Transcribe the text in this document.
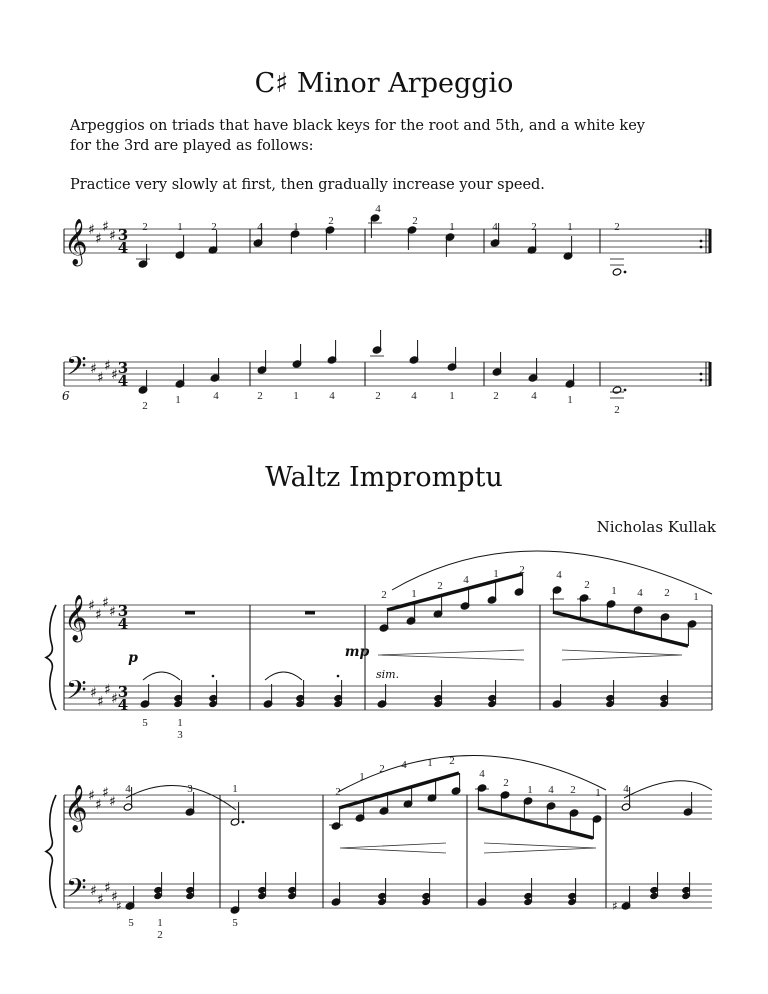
C♯ Minor Arpeggio
Arpeggios on triads that have black keys for the root and 5th, and a white key for the 3rd are played as follows:
Practice very slowly at first, then gradually increase your speed.
Waltz Impromptu
Nicholas Kullak
𝄞 ♯
♯
♯
♯ 3
4
2	1	2	4	1	2
4
2	1	4	2	1	2
𝄢 ♯
♯
♯
♯ 3
4
6
2	1	4	2	1	4	2	4	1	2	4	1
2
𝄞
𝄢
♯
♯
♯
♯
♯
♯
♯
♯
3
4
3
4
2 1
2 4 1 2	4
2 1 4 2 1
p	mp
sim.
5	1
3
𝄞
𝄢
♯
♯
♯
♯
♯
♯
♯
♯
4	3	1	2
1
2 4 1 2
4
2
1 4 2 1 4
♯	♯
5 1
2
5
